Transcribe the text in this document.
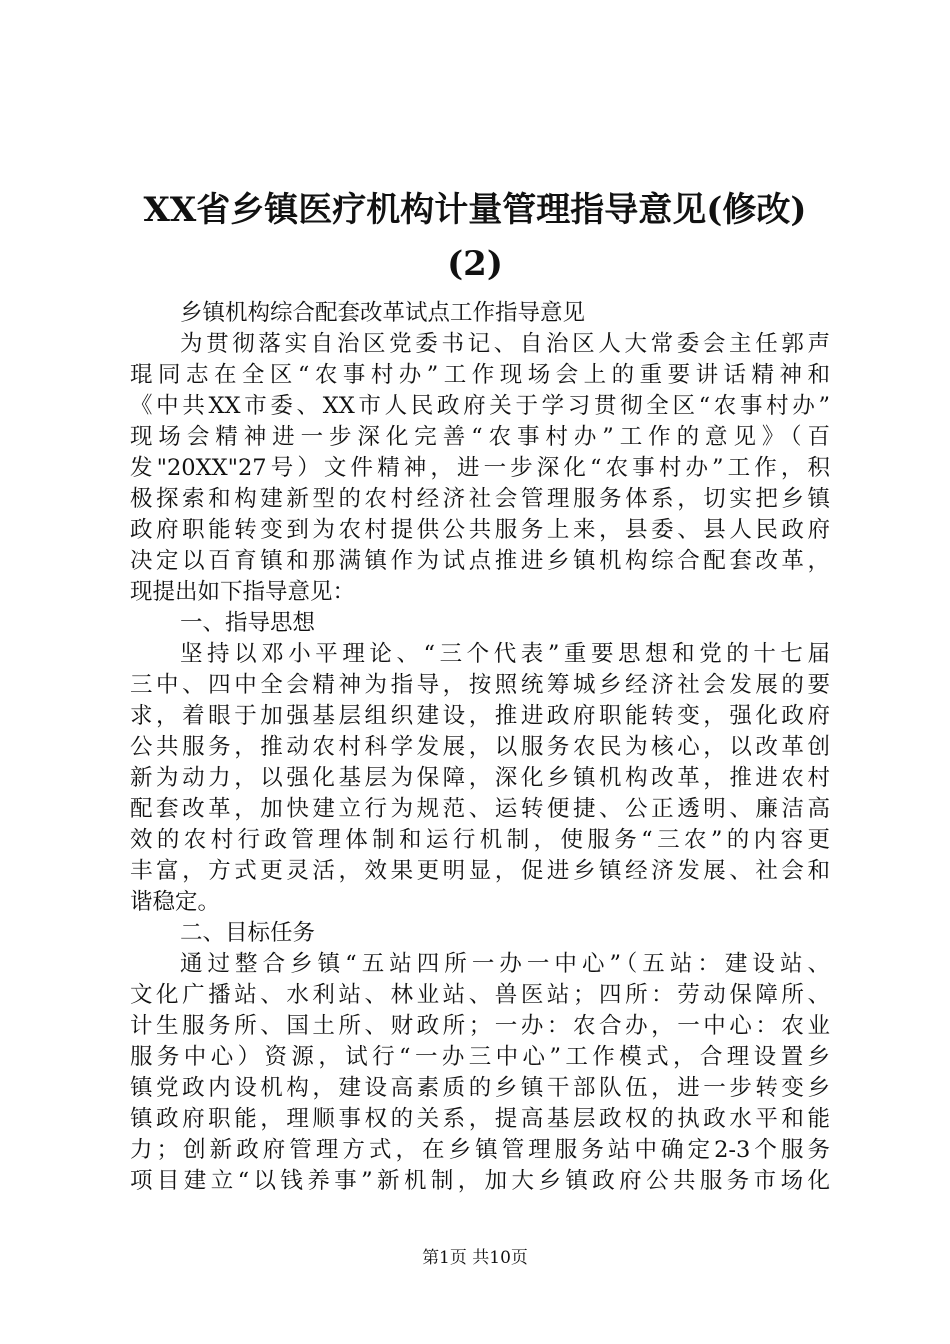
XX省乡镇医疗机构计量管理指导意见(修改)
(2)
乡镇机构综合配套改革试点工作指导意见
为贯彻落实自治区党委书记、自治区人大常委会主任郭声
琨同志在全区“农事村办”工作现场会上的重要讲话精神和
《中共XX市委、XX市人民政府关于学习贯彻全区“农事村办”
现场会精神进一步深化完善“农事村办”工作的意见》（百
发"20XX"27号）文件精神，进一步深化“农事村办”工作，积
极探索和构建新型的农村经济社会管理服务体系，切实把乡镇
政府职能转变到为农村提供公共服务上来，县委、县人民政府
决定以百育镇和那满镇作为试点推进乡镇机构综合配套改革，
现提出如下指导意见：
一、指导思想
坚持以邓小平理论、“三个代表”重要思想和党的十七届
三中、四中全会精神为指导，按照统筹城乡经济社会发展的要
求，着眼于加强基层组织建设，推进政府职能转变，强化政府
公共服务，推动农村科学发展，以服务农民为核心，以改革创
新为动力，以强化基层为保障，深化乡镇机构改革，推进农村
配套改革，加快建立行为规范、运转便捷、公正透明、廉洁高
效的农村行政管理体制和运行机制，使服务“三农”的内容更
丰富，方式更灵活，效果更明显，促进乡镇经济发展、社会和
谐稳定。
二、目标任务
通过整合乡镇“五站四所一办一中心”（五站：建设站、
文化广播站、水利站、林业站、兽医站；四所：劳动保障所、
计生服务所、国土所、财政所；一办：农合办，一中心：农业
服务中心）资源，试行“一办三中心”工作模式，合理设置乡
镇党政内设机构，建设高素质的乡镇干部队伍，进一步转变乡
镇政府职能，理顺事权的关系，提高基层政权的执政水平和能
力；创新政府管理方式，在乡镇管理服务站中确定2-3个服务
项目建立“以钱养事”新机制，加大乡镇政府公共服务市场化
第1页 共10页
